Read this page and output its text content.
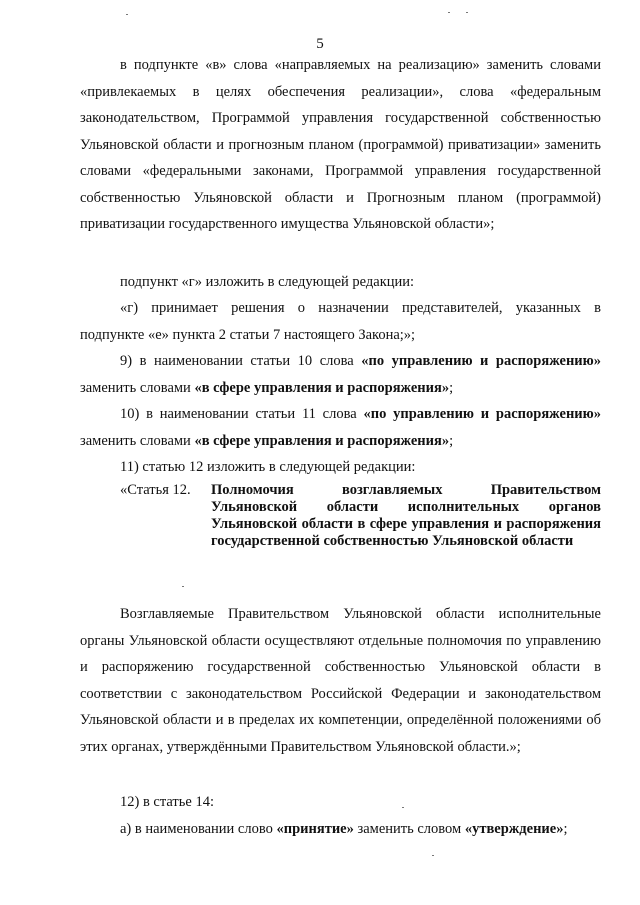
5

в подпункте «в» слова «направляемых на реализацию» заменить словами «привлекаемых в целях обеспечения реализации», слова «федеральным законодательством, Программой управления государственной собственностью Ульяновской области и прогнозным планом (программой) приватизации» заменить словами «федеральными законами, Программой управления государственной собственностью Ульяновской области и Прогнозным планом (программой) приватизации государственного имущества Ульяновской области»;

подпункт «г» изложить в следующей редакции:

«г) принимает решения о назначении представителей, указанных в подпункте «е» пункта 2 статьи 7 настоящего Закона;»;

9) в наименовании статьи 10 слова «по управлению и распоряжению» заменить словами «в сфере управления и распоряжения»;

10) в наименовании статьи 11 слова «по управлению и распоряжению» заменить словами «в сфере управления и распоряжения»;

11) статью 12 изложить в следующей редакции:

«Статья 12. Полномочия возглавляемых Правительством Ульяновской области исполнительных органов Ульяновской области в сфере управления и распоряжения государственной собственностью Ульяновской области

Возглавляемые Правительством Ульяновской области исполнительные органы Ульяновской области осуществляют отдельные полномочия по управлению и распоряжению государственной собственностью Ульяновской области в соответствии с законодательством Российской Федерации и законодательством Ульяновской области и в пределах их компетенции, определённой положениями об этих органах, утверждёнными Правительством Ульяновской области.»;

12) в статье 14:

а) в наименовании слово «принятие» заменить словом «утверждение»;
